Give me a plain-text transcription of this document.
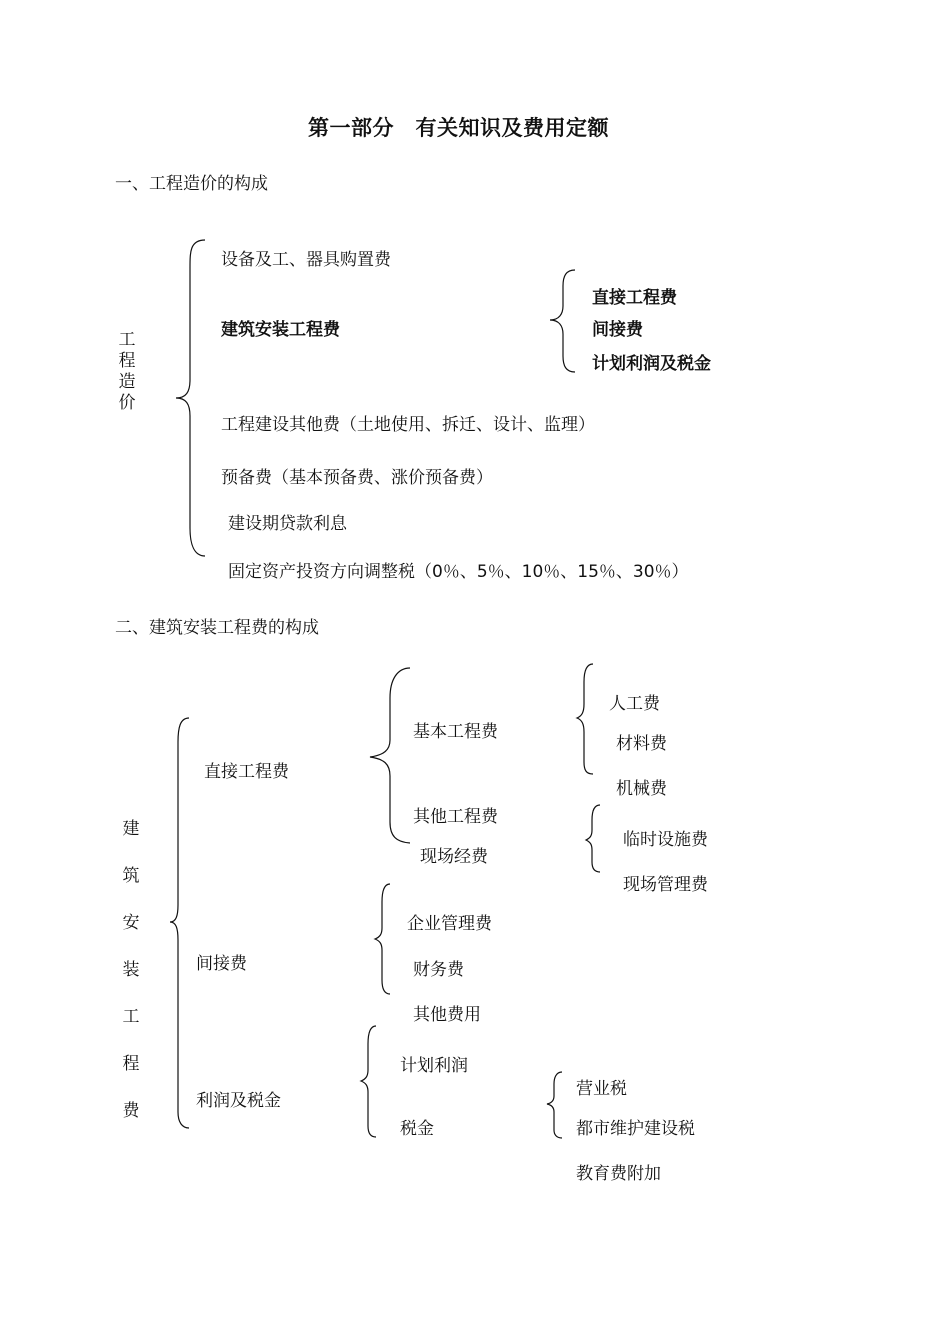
第一部分　有关知识及费用定额
一、工程造价的构成
工程造价
设备及工、器具购置费
建筑安装工程费
工程建设其他费（土地使用、拆迁、设计、监理）
预备费（基本预备费、涨价预备费）
建设期贷款利息
固定资产投资方向调整税（0％、5％、10％、15％、30％）
直接工程费
间接费
计划利润及税金
二、建筑安装工程费的构成
建筑安装工程费
直接工程费
间接费
利润及税金
基本工程费
其他工程费
现场经费
人工费
材料费
机械费
临时设施费
现场管理费
企业管理费
财务费
其他费用
计划利润
税金
营业税
都市维护建设税
教育费附加
